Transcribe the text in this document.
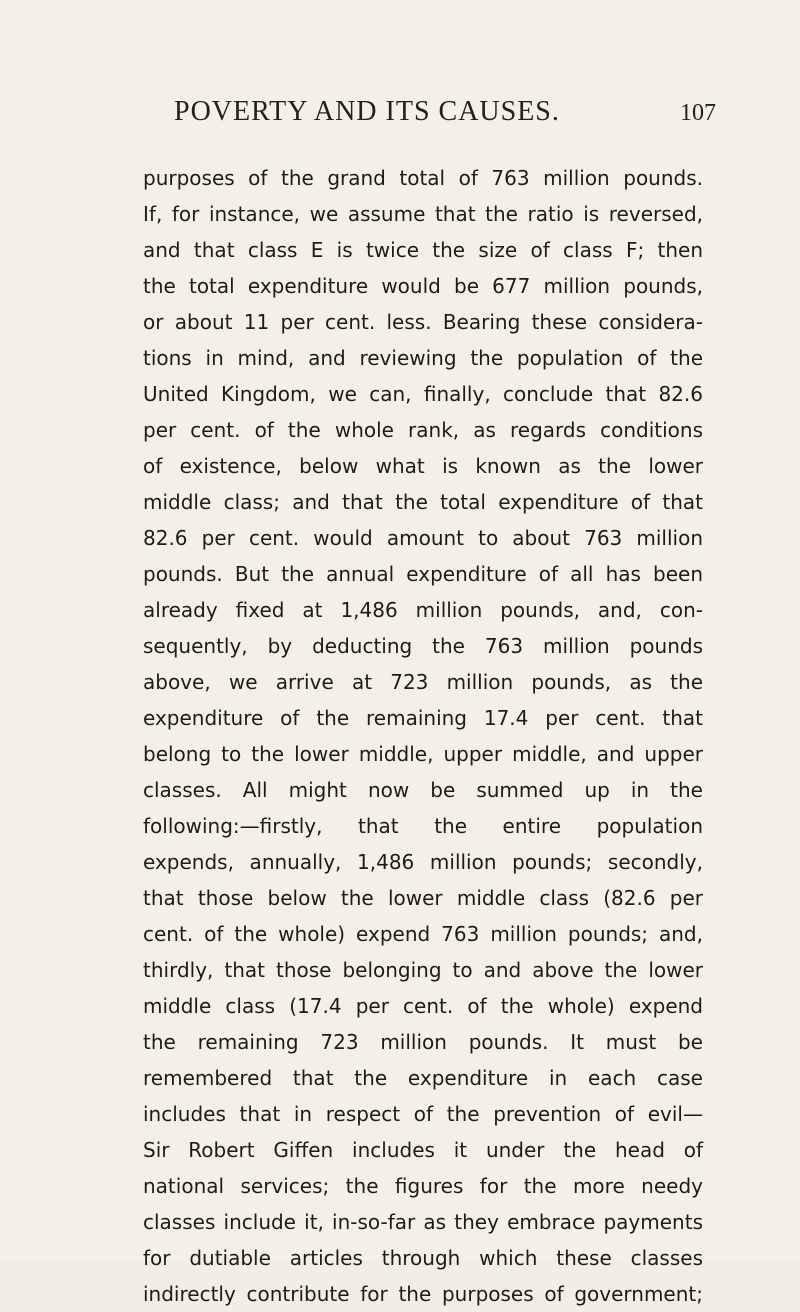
POVERTY AND ITS CAUSES.	107
purposes of the grand total of 763 million pounds.
If, for instance, we assume that the ratio is reversed,
and that class E is twice the size of class F; then
the total expenditure would be 677 million pounds,
or about 11 per cent. less. Bearing these considera-
tions in mind, and reviewing the population of the
United Kingdom, we can, finally, conclude that 82.6
per cent. of the whole rank, as regards conditions
of existence, below what is known as the lower
middle class; and that the total expenditure of that
82.6 per cent. would amount to about 763 million
pounds. But the annual expenditure of all has been
already fixed at 1,486 million pounds, and, con-
sequently, by deducting the 763 million pounds
above, we arrive at 723 million pounds, as the
expenditure of the remaining 17.4 per cent. that
belong to the lower middle, upper middle, and upper
classes. All might now be summed up in the
following:—firstly, that the entire population
expends, annually, 1,486 million pounds; secondly,
that those below the lower middle class (82.6 per
cent. of the whole) expend 763 million pounds; and,
thirdly, that those belonging to and above the lower
middle class (17.4 per cent. of the whole) expend
the remaining 723 million pounds. It must be
remembered that the expenditure in each case
includes that in respect of the prevention of evil—
Sir Robert Giffen includes it under the head of
national services; the figures for the more needy
classes include it, in-so-far as they embrace payments
for dutiable articles through which these classes
indirectly contribute for the purposes of government;
